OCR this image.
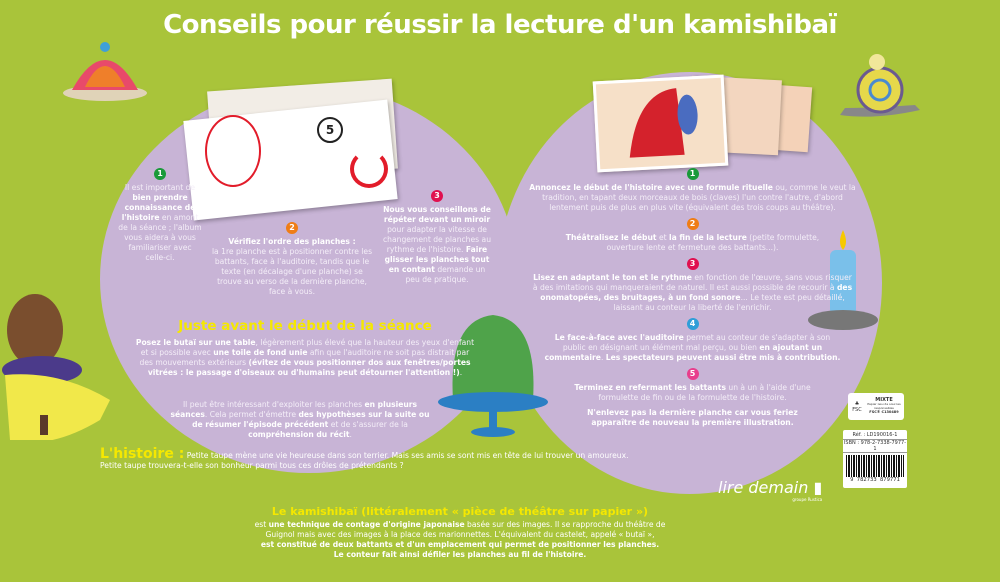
Conseils pour réussir la lecture d'un kamishibaï
5
1
Il est important de bien prendre connaissance de l'histoire en amont de la séance ; l'album vous aidera à vous familiariser avec celle-ci.
2
Vérifiez l'ordre des planches :
la 1re planche est à positionner contre les battants, face à l'auditoire, tandis que le texte (en décalage d'une planche) se trouve au verso de la dernière planche, face à vous.
3
Nous vous conseillons de répéter devant un miroir pour adapter la vitesse de changement de planches au rythme de l'histoire. Faire glisser les planches tout en contant demande un peu de pratique.
Juste avant le début de la séance
Posez le butaï sur une table, légèrement plus élevé que la hauteur des yeux d'enfant et si possible avec une toile de fond unie afin que l'auditoire ne soit pas distrait par des mouvements extérieurs (évitez de vous positionner dos aux fenêtres/portes vitrées : le passage d'oiseaux ou d'humains peut détourner l'attention !).
Il peut être intéressant d'exploiter les planches en plusieurs séances. Cela permet d'émettre des hypothèses sur la suite ou de résumer l'épisode précédent et de s'assurer de la compréhension du récit.
1
Annoncez le début de l'histoire avec une formule rituelle ou, comme le veut la tradition, en tapant deux morceaux de bois (claves) l'un contre l'autre, d'abord lentement puis de plus en plus vite (équivalent des trois coups au théâtre).
2
Théâtralisez le début et la fin de la lecture (petite formulette, ouverture lente et fermeture des battants...).
3
Lisez en adaptant le ton et le rythme en fonction de l'œuvre, sans vous risquer à des imitations qui manqueraient de naturel. Il est aussi possible de recourir à des onomatopées, des bruitages, à un fond sonore... Le texte est peu détaillé, laissant au conteur la liberté de l'enrichir.
4
Le face-à-face avec l'auditoire permet au conteur de s'adapter à son public en désignant un élément mal perçu, ou bien en ajoutant un commentaire. Les spectateurs peuvent aussi être mis à contribution.
5
Terminez en refermant les battants un à un à l'aide d'une formulette de fin ou de la formulette de l'histoire.
N'enlevez pas la dernière planche car vous feriez apparaître de nouveau la première illustration.
L'histoire : Petite taupe mène une vie heureuse dans son terrier. Mais ses amis se sont mis en tête de lui trouver un amoureux.
Petite taupe trouvera-t-elle son bonheur parmi tous ces drôles de prétendants ?
Le kamishibaï (littéralement « pièce de théâtre sur papier »)
est une technique de contage d'origine japonaise basée sur des images. Il se rapproche du théâtre de Guignol mais avec des images à la place des marionnettes. L'équivalent du castelet, appelé « butaï »,
est constitué de deux battants et d'un emplacement qui permet de positionner les planches.
Le conteur fait ainsi défiler les planches au fil de l'histoire.
lire demain ▮
groupe Rustica
♣
FSC
MIXTE
Papier issu de sources responsables
FSC® C130489
Réf. : LD190016-1
ISBN : 978-2-7338-7977-1
9 782733 879771
